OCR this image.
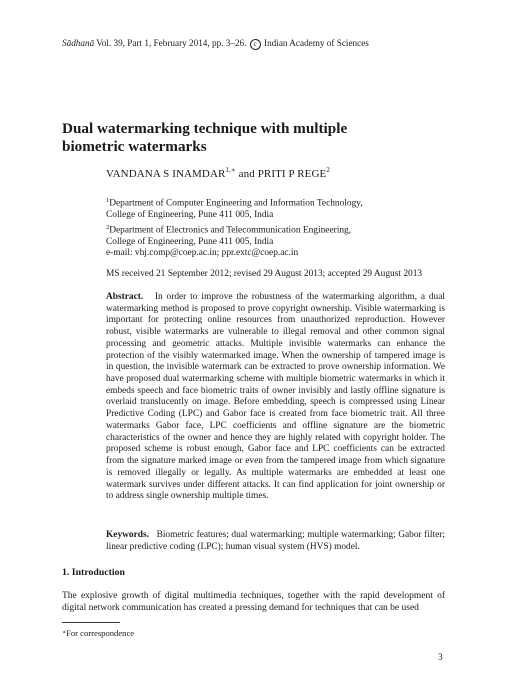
Sādhanā Vol. 39, Part 1, February 2014, pp. 3–26. c Indian Academy of Sciences
Dual watermarking technique with multiple biometric watermarks
VANDANA S $INAMDAR^{1,∗}$ and PRITI P REGE$^2$
$^1$Department of Computer Engineering and Information Technology,
College of Engineering, Pune 411 005, India
$^2$Department of Electronics and Telecommunication Engineering,
College of Engineering, Pune 411 005, India
e-mail: vhj.comp@coep.ac.in; ppr.extc@coep.ac.in
MS received 21 September 2012; revised 29 August 2013; accepted 29 August 2013
Abstract. In order to improve the robustness of the watermarking algorithm, a dual watermarking method is proposed to prove copyright ownership. Visible watermarking is important for protecting online resources from unauthorized reproduction. However robust, visible watermarks are vulnerable to illegal removal and other common signal processing and geometric attacks. Multiple invisible watermarks can enhance the protection of the visibly watermarked image. When the ownership of tampered image is in question, the invisible watermark can be extracted to prove ownership information. We have proposed dual watermarking scheme with multiple biometric watermarks in which it embeds speech and face biometric traits of owner invisibly and lastly offline signature is overlaid translucently on image. Before embedding, speech is compressed using Linear Predictive Coding (LPC) and Gabor face is created from face biometric trait. All three watermarks Gabor face, LPC coefficients and offline signature are the biometric characteristics of the owner and hence they are highly related with copyright holder. The proposed scheme is robust enough, Gabor face and LPC coefficients can be extracted from the signature marked image or even from the tampered image from which signature is removed illegally or legally. As multiple watermarks are embedded at least one watermark survives under different attacks. It can find application for joint ownership or to address single ownership multiple times.
Keywords. Biometric features; dual watermarking; multiple watermarking; Gabor filter; linear predictive coding (LPC); human visual system (HVS) model.
1. Introduction
The explosive growth of digital multimedia techniques, together with the rapid development of digital network communication has created a pressing demand for techniques that can be used
∗For correspondence
3
